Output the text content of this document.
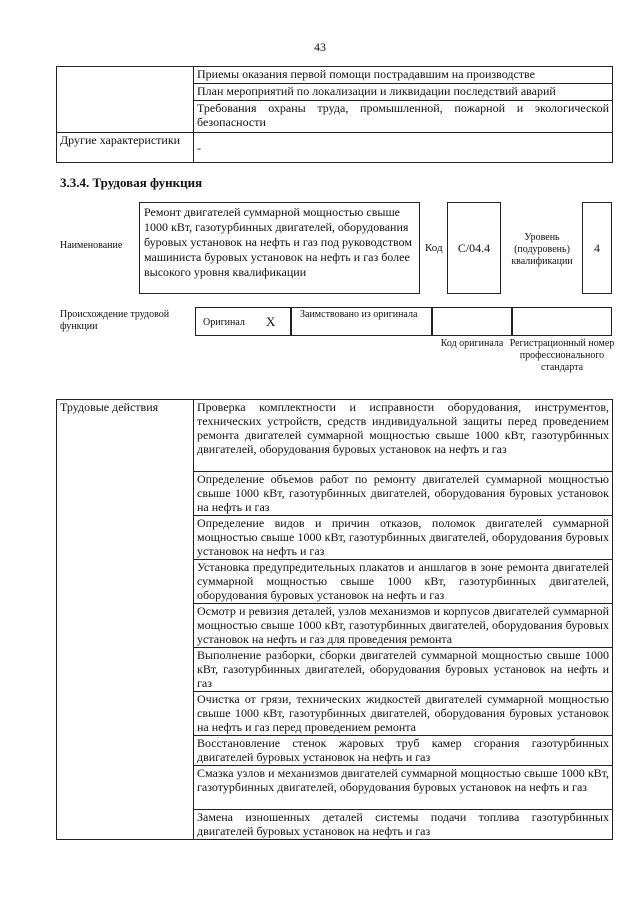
43
	Приемы оказания первой помощи пострадавшим на производстве
	План мероприятий по локализации и ликвидации последствий аварий
	Требования охраны труда, промышленной, пожарной и экологической безопасности
Другие характеристики	-
3.3.4. Трудовая функция
Наименование
Ремонт двигателей суммарной мощностью свыше 1000 кВт, газотурбинных двигателей, оборудования буровых установок на нефть и газ под руководством машиниста буровых установок на нефть и газ более высокого уровня квалификации
Код	С/04.4
Уровень (подуровень) квалификации
4
Происхождение трудовой функции	Оригинал X	Заимствовано из оригинала
Код оригинала Регистрационный номер профессионального стандарта
Трудовые действия	Проверка комплектности и исправности оборудования, инструментов, технических устройств, средств индивидуальной защиты перед проведением ремонта двигателей суммарной мощностью свыше 1000 кВт, газотурбинных двигателей, оборудования буровых установок на нефть и газ
Определение объемов работ по ремонту двигателей суммарной мощностью свыше 1000 кВт, газотурбинных двигателей, оборудования буровых установок на нефть и газ
Определение видов и причин отказов, поломок двигателей суммарной мощностью свыше 1000 кВт, газотурбинных двигателей, оборудования буровых установок на нефть и газ
Установка предупредительных плакатов и аншлагов в зоне ремонта двигателей суммарной мощностью свыше 1000 кВт, газотурбинных двигателей, оборудования буровых установок на нефть и газ
Осмотр и ревизия деталей, узлов механизмов и корпусов двигателей суммарной мощностью свыше 1000 кВт, газотурбинных двигателей, оборудования буровых установок на нефть и газ для проведения ремонта
Выполнение разборки, сборки двигателей суммарной мощностью свыше 1000 кВт, газотурбинных двигателей, оборудования буровых установок на нефть и газ
Очистка от грязи, технических жидкостей двигателей суммарной мощностью свыше 1000 кВт, газотурбинных двигателей, оборудования буровых установок на нефть и газ перед проведением ремонта
Восстановление стенок жаровых труб камер сгорания газотурбинных двигателей буровых установок на нефть и газ
Смазка узлов и механизмов двигателей суммарной мощностью свыше 1000 кВт, газотурбинных двигателей, оборудования буровых установок на нефть и газ
Замена изношенных деталей системы подачи топлива газотурбинных двигателей буровых установок на нефть и газ
